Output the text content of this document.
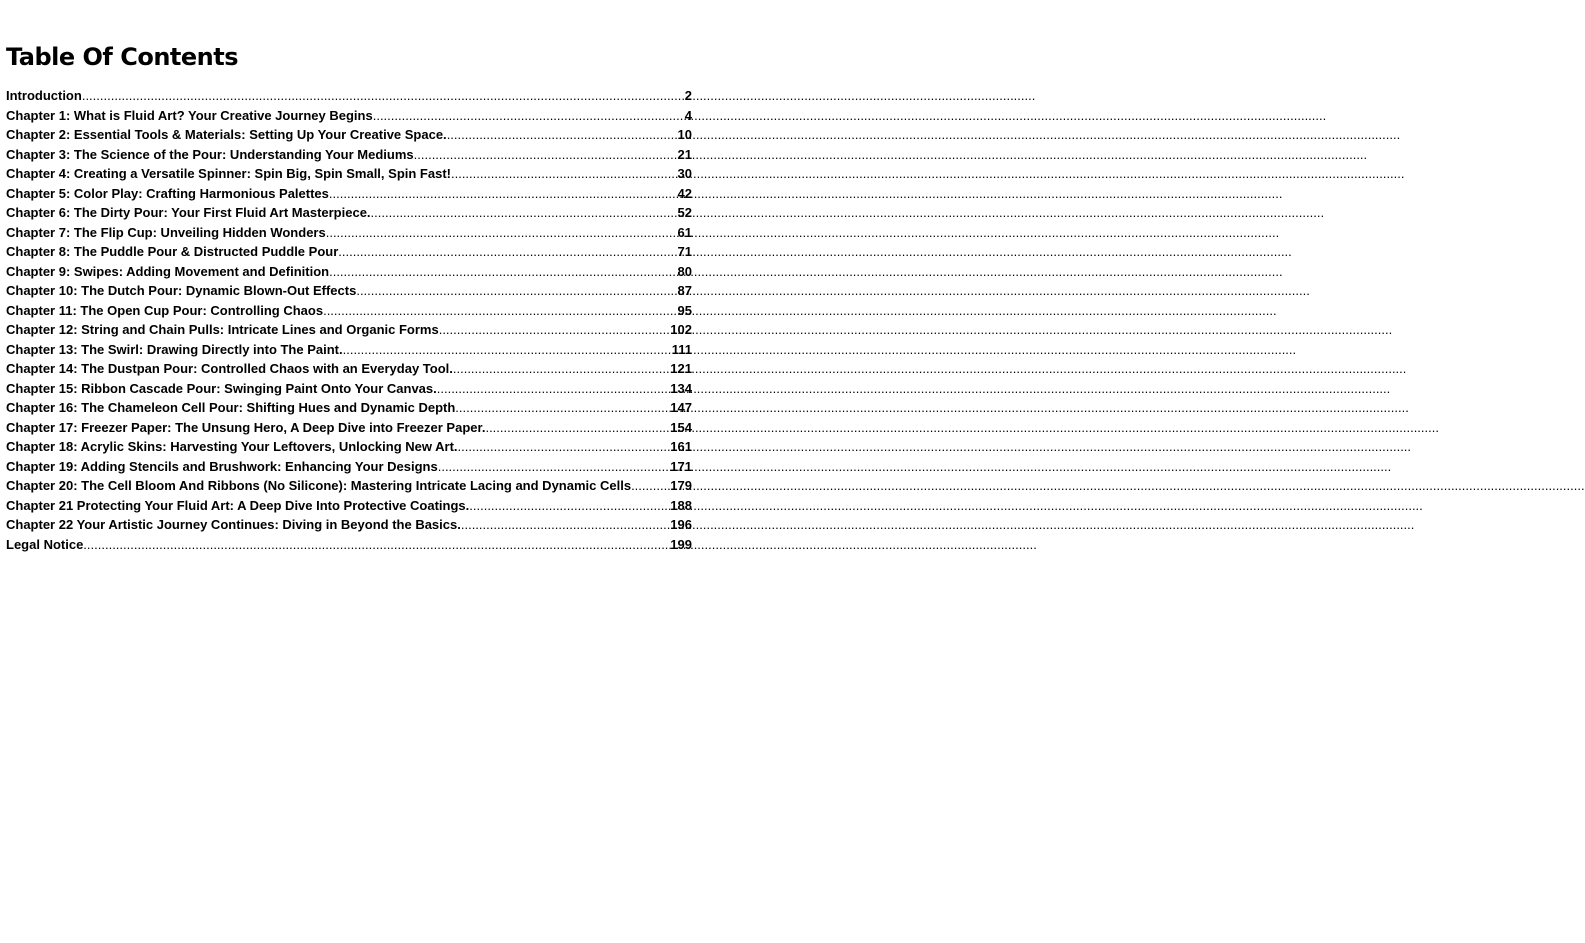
Table Of Contents
Introduction .....	2
Chapter 1: What is Fluid Art? Your Creative Journey Begins .....	4
Chapter 2: Essential Tools & Materials: Setting Up Your Creative Space. .....	10
Chapter 3: The Science of the Pour: Understanding Your Mediums .....	21
Chapter 4: Creating a Versatile Spinner: Spin Big, Spin Small, Spin Fast! .....	30
Chapter 5: Color Play: Crafting Harmonious Palettes .....	42
Chapter 6: The Dirty Pour: Your First Fluid Art Masterpiece. .....	52
Chapter 7: The Flip Cup: Unveiling Hidden Wonders .....	61
Chapter 8: The Puddle Pour & Distructed Puddle Pour .....	71
Chapter 9: Swipes: Adding Movement and Definition .....	80
Chapter 10: The Dutch Pour: Dynamic Blown-Out Effects .....	87
Chapter 11: The Open Cup Pour: Controlling Chaos .....	95
Chapter 12: String and Chain Pulls: Intricate Lines and Organic Forms .....	102
Chapter 13: The Swirl: Drawing Directly into The Paint. .....	111
Chapter 14: The Dustpan Pour: Controlled Chaos with an Everyday Tool. .....	121
Chapter 15: Ribbon Cascade Pour: Swinging Paint Onto Your Canvas. .....	134
Chapter 16: The Chameleon Cell Pour: Shifting Hues and Dynamic Depth .....	147
Chapter 17: Freezer Paper: The Unsung Hero, A Deep Dive into Freezer Paper. .....	154
Chapter 18: Acrylic Skins: Harvesting Your Leftovers, Unlocking New Art. .....	161
Chapter 19: Adding Stencils and Brushwork: Enhancing Your Designs .....	171
Chapter 20: The Cell Bloom And Ribbons (No Silicone): Mastering Intricate Lacing and Dynamic Cells .....	179
Chapter 21 Protecting Your Fluid Art: A Deep Dive Into Protective Coatings. .....	188
Chapter 22 Your Artistic Journey Continues: Diving in Beyond the Basics. .....	196
Legal Notice .....	199
